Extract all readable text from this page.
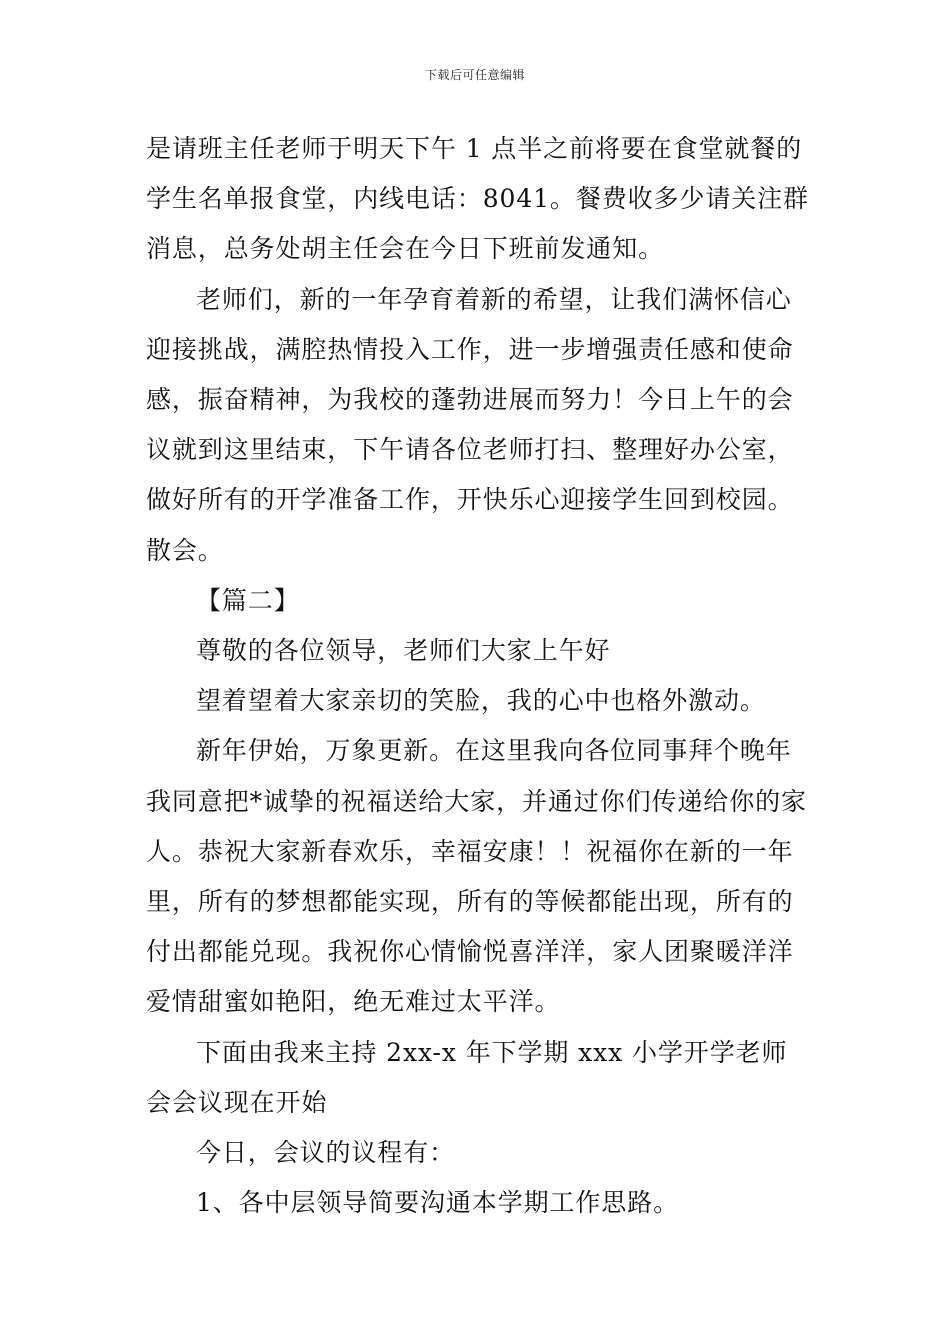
下载后可任意编辑

是请班主任老师于明天下午 1 点半之前将要在食堂就餐的学生名单报食堂，内线电话：8041。餐费收多少请关注群消息，总务处胡主任会在今日下班前发通知。

老师们，新的一年孕育着新的希望，让我们满怀信心迎接挑战，满腔热情投入工作，进一步增强责任感和使命感，振奋精神，为我校的蓬勃进展而努力！今日上午的会议就到这里结束，下午请各位老师打扫、整理好办公室，做好所有的开学准备工作，开快乐心迎接学生回到校园。散会。

【篇二】

尊敬的各位领导，老师们大家上午好

望着望着大家亲切的笑脸，我的心中也格外激动。

新年伊始，万象更新。在这里我向各位同事拜个晚年我同意把*诚挚的祝福送给大家，并通过你们传递给你的家人。恭祝大家新春欢乐，幸福安康！！祝福你在新的一年里，所有的梦想都能实现，所有的等候都能出现，所有的付出都能兑现。我祝你心情愉悦喜洋洋，家人团聚暖洋洋爱情甜蜜如艳阳，绝无难过太平洋。

下面由我来主持 2xx-x 年下学期 xxx 小学开学老师会会议现在开始

今日，会议的议程有：

1、各中层领导简要沟通本学期工作思路。
